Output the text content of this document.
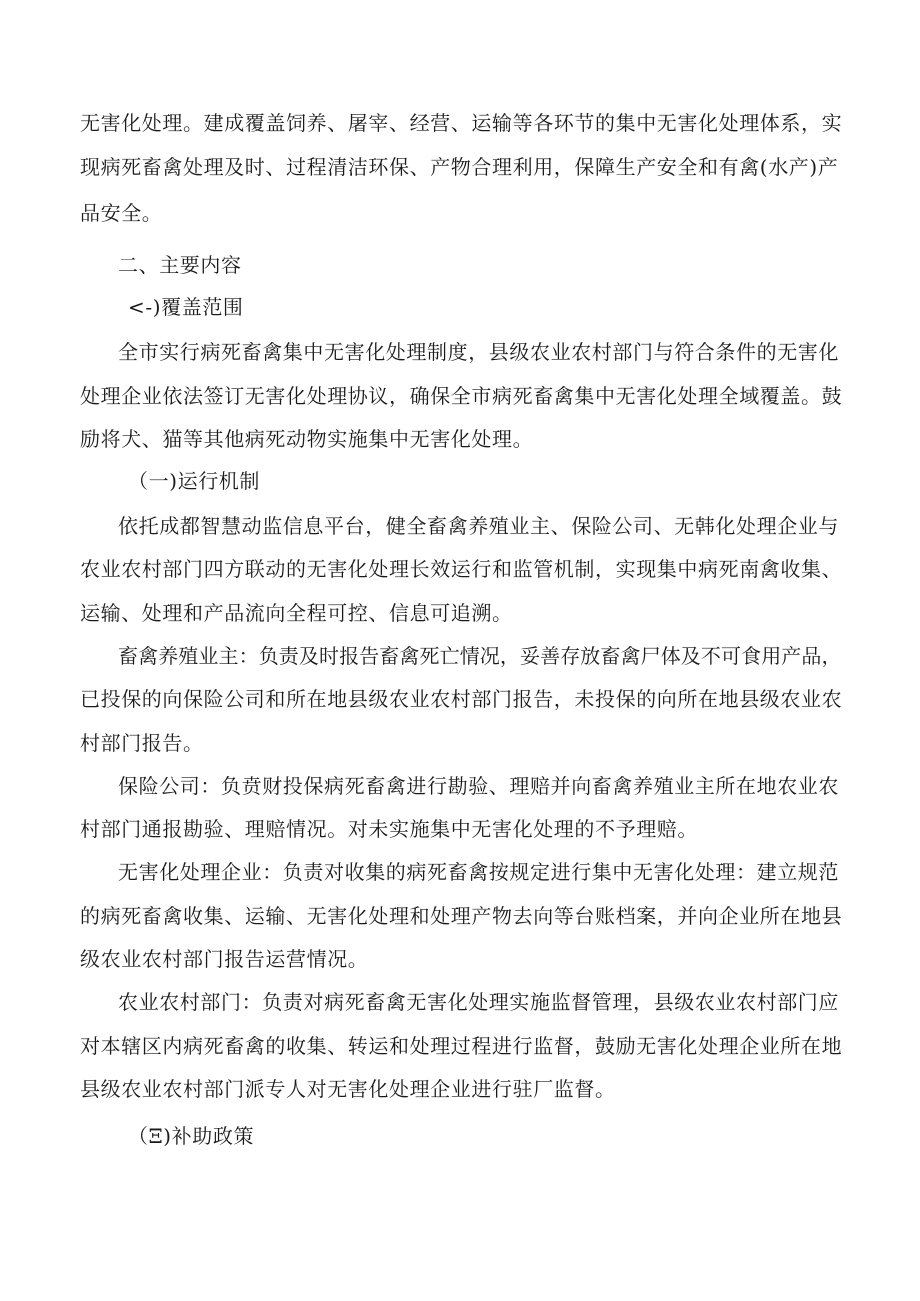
无害化处理。建成覆盖饲养、屠宰、经营、运输等各环节的集中无害化处理体系，实
现病死畜禽处理及时、过程清洁环保、产物合理利用，保障生产安全和有禽(水产)产
品安全。
二、主要内容
<-)覆盖范围
全市实行病死畜禽集中无害化处理制度，县级农业农村部门与符合条件的无害化
处理企业依法签订无害化处理协议，确保全市病死畜禽集中无害化处理全域覆盖。鼓
励将犬、猫等其他病死动物实施集中无害化处理。
（一)运行机制
依托成都智慧动监信息平台，健全畜禽养殖业主、保险公司、无韩化处理企业与
农业农村部门四方联动的无害化处理长效运行和监管机制，实现集中病死南禽收集、
运输、处理和产品流向全程可控、信息可追溯。
畜禽养殖业主：负责及时报告畜禽死亡情况，妥善存放畜禽尸体及不可食用产品，
已投保的向保险公司和所在地县级农业农村部门报告，未投保的向所在地县级农业农
村部门报告。
保险公司：负贲财投保病死畜禽进行勘验、理赔并向畜禽养殖业主所在地农业农
村部门通报勘验、理赔情况。对未实施集中无害化处理的不予理赔。
无害化处理企业：负责对收集的病死畜禽按规定进行集中无害化处理：建立规范
的病死畜禽收集、运输、无害化处理和处理产物去向等台账档案，并向企业所在地县
级农业农村部门报告运营情况。
农业农村部门：负责对病死畜禽无害化处理实施监督管理，县级农业农村部门应
对本辖区内病死畜禽的收集、转运和处理过程进行监督，鼓励无害化处理企业所在地
县级农业农村部门派专人对无害化处理企业进行驻厂监督。
（Ξ)补助政策
